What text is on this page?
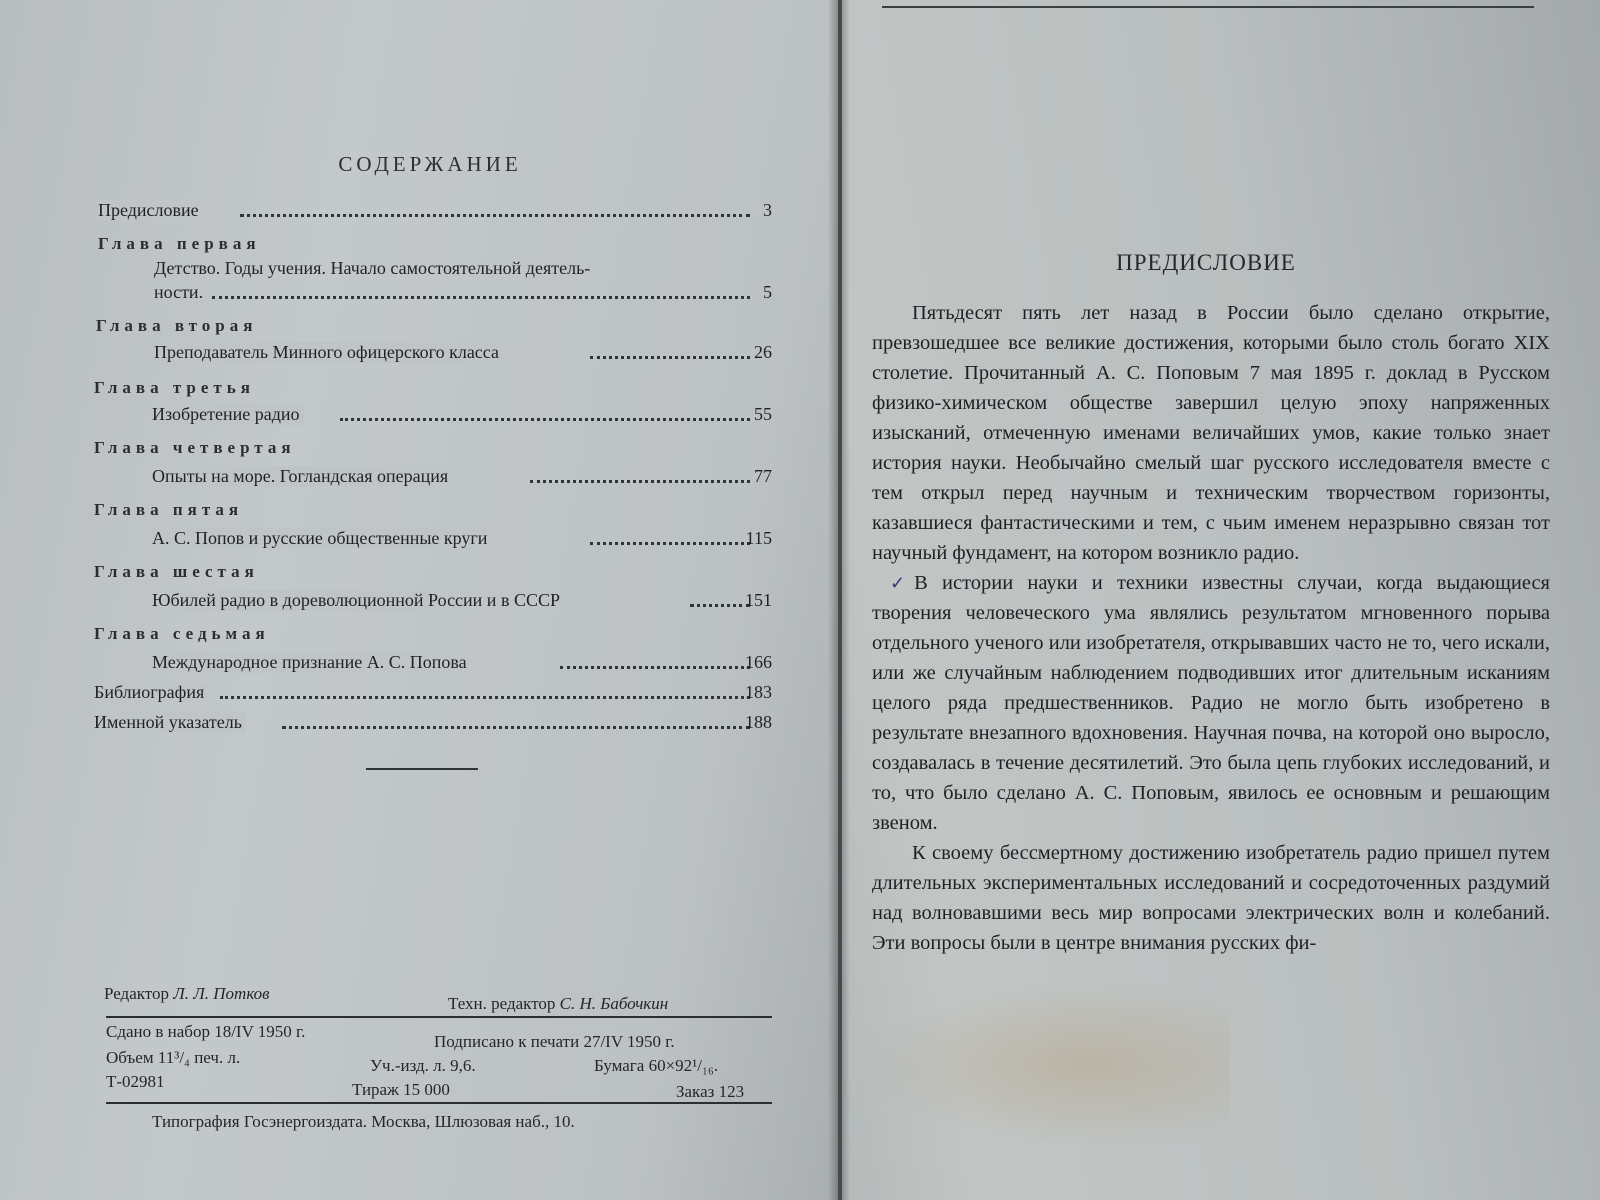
СОДЕРЖАНИЕ
Предисловие	3
Глава первая
Детство. Годы учения. Начало самостоятельной деятель-
ности.	5
Глава вторая
Преподаватель Минного офицерского класса	26
Глава третья
Изобретение радио	55
Глава четвертая
Опыты на море. Гогландская операция	77
Глава пятая
А. С. Попов и русские общественные круги	115
Глава шестая
Юбилей радио в дореволюционной России и в СССР	151
Глава седьмая
Международное признание А. С. Попова	166
Библиография	183
Именной указатель	188
Редактор Л. Л. Потков
Техн. редактор С. Н. Бабочкин
Сдано в набор 18/IV 1950 г.
Подписано к печати 27/IV 1950 г.
Объем 11³/₄ печ. л.	Уч.-изд. л. 9,6.	Бумага 60×92¹/₁₆.
Т-02981	Тираж 15 000	Заказ 123
Типография Госэнергоиздата. Москва, Шлюзовая наб., 10.
ПРЕДИСЛОВИЕ

Пятьдесят пять лет назад в России было сделано открытие, превзошедшее все великие достижения, которыми было столь богато XIX столетие. Прочитанный А. С. Поповым 7 мая 1895 г. доклад в Русском физико-химическом обществе завершил целую эпоху напряженных изысканий, отмеченную именами величайших умов, какие только знает история науки. Необычайно смелый шаг русского исследователя вместе с тем открыл перед научным и техническим творчеством горизонты, казавшиеся фантастическими и тем, с чьим именем неразрывно связан тот научный фундамент, на котором возникло радио.

✓В истории науки и техники известны случаи, когда выдающиеся творения человеческого ума являлись результатом мгновенного порыва отдельного ученого или изобретателя, открывавших часто не то, чего искали, или же случайным наблюдением подводивших итог длительным исканиям целого ряда предшественников. Радио не могло быть изобретено в результате внезапного вдохновения. Научная почва, на которой оно выросло, создавалась в течение десятилетий. Это была цепь глубоких исследований, и то, что было сделано А. С. Поповым, явилось ее основным и решающим звеном.

К своему бессмертному достижению изобретатель радио пришел путем длительных экспериментальных исследований и сосредоточенных раздумий над волновавшими весь мир вопросами электрических волн и колебаний. Эти вопросы были в центре внимания русских фи-
